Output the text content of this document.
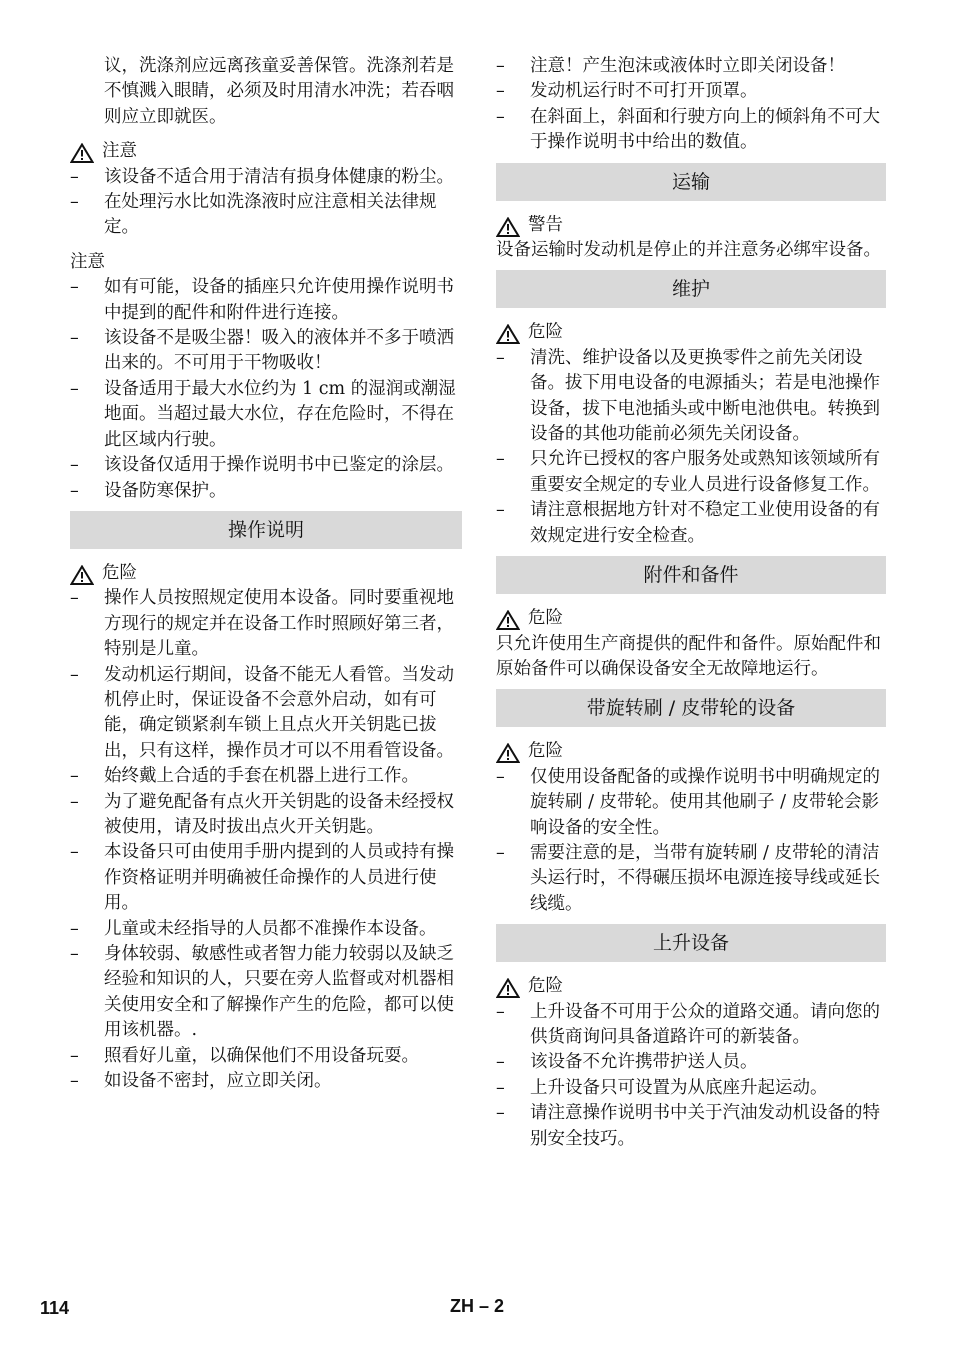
议，洗涤剂应远离孩童妥善保管。洗涤剂若是不慎溅入眼睛，必须及时用清水冲洗；若吞咽则应立即就医。

注意
–	该设备不适合用于清洁有损身体健康的粉尘。
–	在处理污水比如洗涤液时应注意相关法律规定。
注意
–	如有可能，设备的插座只允许使用操作说明书中提到的配件和附件进行连接。
–	该设备不是吸尘器！吸入的液体并不多于喷洒出来的。不可用于干物吸收！
–	设备适用于最大水位约为 1 cm 的湿润或潮湿地面。当超过最大水位，存在危险时，不得在此区域内行驶。
–	该设备仅适用于操作说明书中已鉴定的涂层。
–	设备防寒保护。
操作说明
危险
–	操作人员按照规定使用本设备。同时要重视地方现行的规定并在设备工作时照顾好第三者，特别是儿童。
–	发动机运行期间，设备不能无人看管。当发动机停止时，保证设备不会意外启动，如有可能，确定锁紧刹车锁上且点火开关钥匙已拔出，只有这样，操作员才可以不用看管设备。
–	始终戴上合适的手套在机器上进行工作。
–	为了避免配备有点火开关钥匙的设备未经授权被使用，请及时拔出点火开关钥匙。
–	本设备只可由使用手册内提到的人员或持有操作资格证明并明确被任命操作的人员进行使用。
–	儿童或未经指导的人员都不准操作本设备。
–	身体较弱、敏感性或者智力能力较弱以及缺乏经验和知识的人，只要在旁人监督或对机器相关使用安全和了解操作产生的危险，都可以使用该机器。.
–	照看好儿童，以确保他们不用设备玩耍。
–	如设备不密封，应立即关闭。
–	注意！产生泡沫或液体时立即关闭设备！
–	发动机运行时不可打开顶罩。
–	在斜面上，斜面和行驶方向上的倾斜角不可大于操作说明书中给出的数值。
运输
警告

设备运输时发动机是停止的并注意务必绑牢设备。

维护
危险
–	清洗、维护设备以及更换零件之前先关闭设备。拔下用电设备的电源插头；若是电池操作设备，拔下电池插头或中断电池供电。转换到设备的其他功能前必须先关闭设备。
–	只允许已授权的客户服务处或熟知该领域所有重要安全规定的专业人员进行设备修复工作。
–	请注意根据地方针对不稳定工业使用设备的有效规定进行安全检查。
附件和备件
危险

只允许使用生产商提供的配件和备件。原始配件和原始备件可以确保设备安全无故障地运行。

带旋转刷 / 皮带轮的设备
危险
–	仅使用设备配备的或操作说明书中明确规定的旋转刷 / 皮带轮。使用其他刷子 / 皮带轮会影响设备的安全性。
–	需要注意的是，当带有旋转刷 / 皮带轮的清洁头运行时，不得碾压损坏电源连接导线或延长线缆。
上升设备
危险
–	上升设备不可用于公众的道路交通。请向您的供货商询问具备道路许可的新装备。
–	该设备不允许携带护送人员。
–	上升设备只可设置为从底座升起运动。
–	请注意操作说明书中关于汽油发动机设备的特别安全技巧。
114	ZH – 2
